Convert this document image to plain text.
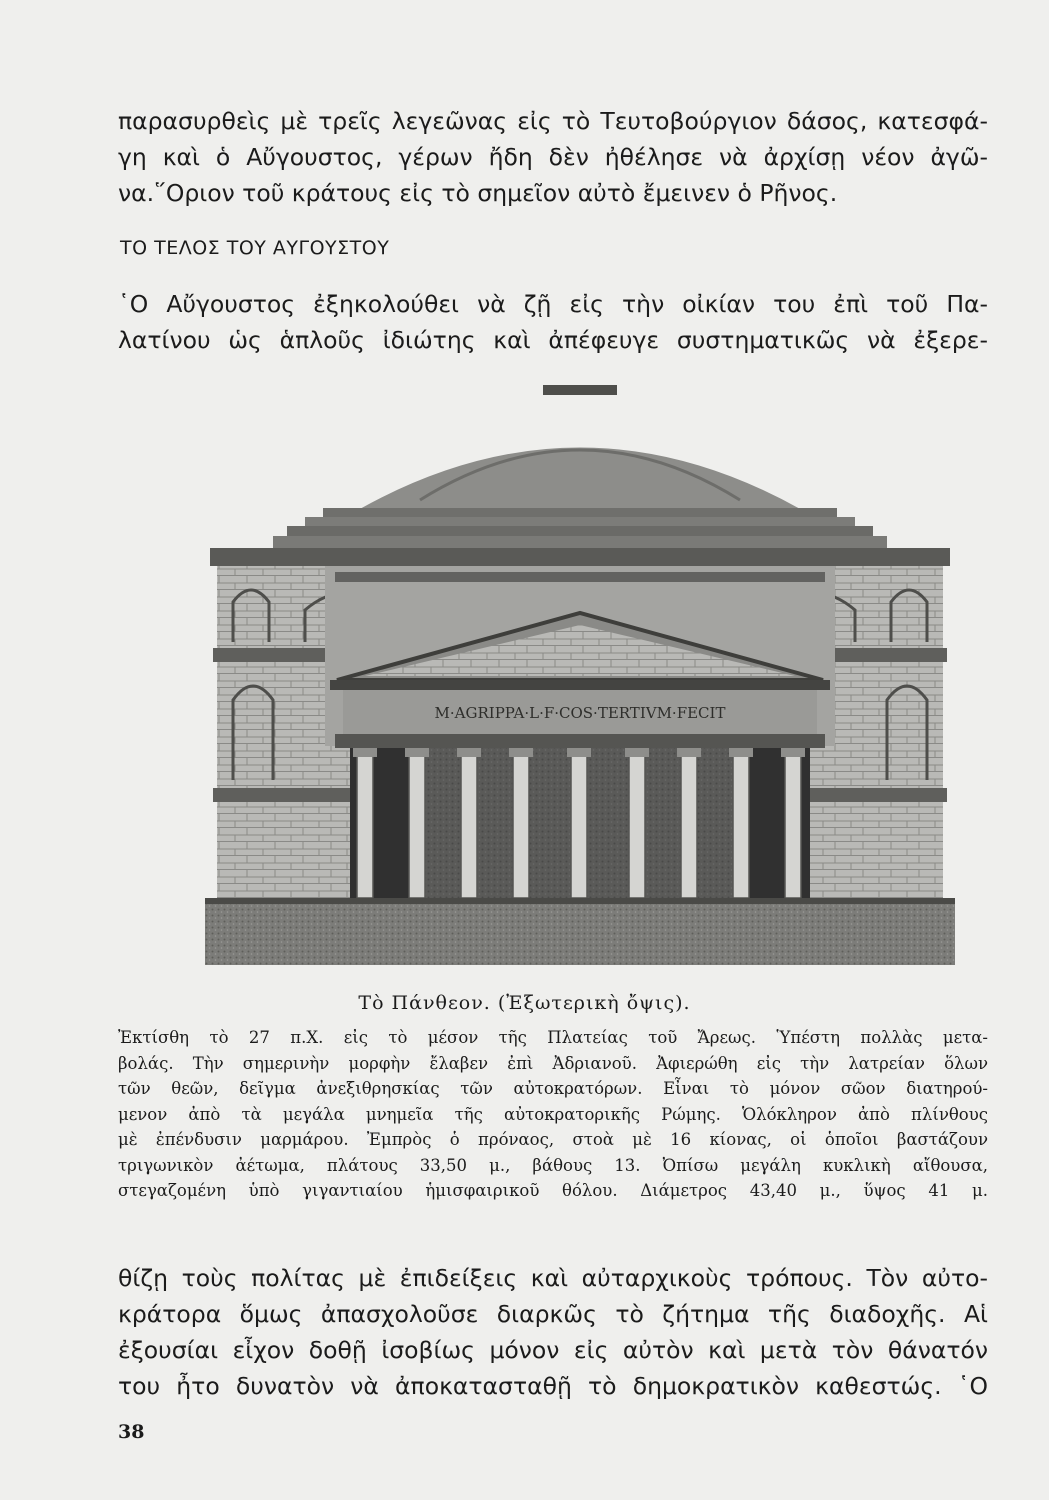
παρασυρθεὶς μὲ τρεῖς λεγεῶνας εἰς τὸ Τευτοβούργιον δάσος, κατεσφά-
γη καὶ ὁ Αὔγουστος, γέρων ἤδη δὲν ἠθέλησε νὰ ἀρχίσῃ νέον ἀγῶ-
να.῞Οριον τοῦ κράτους εἰς τὸ σημεῖον αὐτὸ ἔμεινεν ὁ Ρῆνος.
ΤΟ ΤΕΛΟΣ ΤΟΥ ΑΥΓΟΥΣΤΟΥ
῾Ο Αὔγουστος ἐξηκολούθει νὰ ζῇ εἰς τὴν οἰκίαν του ἐπὶ τοῦ Πα-
λατίνου ὡς ἁπλοῦς ἰδιώτης καὶ ἀπέφευγε συστηματικῶς νὰ ἐξερε-
M·AGRIPPA·L·F·COS·TERTIVM·FECIT
Τὸ Πάνθεον. (Ἐξωτερικὴ ὄψις).
Ἐκτίσθη τὸ 27 π.Χ. εἰς τὸ μέσον τῆς Πλατείας τοῦ Ἄρεως. Ὑπέστη πολλὰς μετα-
βολάς. Τὴν σημερινὴν μορφὴν ἔλαβεν ἐπὶ Ἀδριανοῦ. Ἀφιερώθη εἰς τὴν λατρείαν ὅλων
τῶν θεῶν, δεῖγμα ἀνεξιθρησκίας τῶν αὐτοκρατόρων. Εἶναι τὸ μόνον σῶον διατηρού-
μενον ἀπὸ τὰ μεγάλα μνημεῖα τῆς αὐτοκρατορικῆς Ρώμης. Ὁλόκληρον ἀπὸ πλίνθους
μὲ ἐπένδυσιν μαρμάρου. Ἐμπρὸς ὁ πρόναος, στοὰ μὲ 16 κίονας, οἱ ὁποῖοι βαστάζουν
τριγωνικὸν ἀέτωμα, πλάτους 33,50 μ., βάθους 13. Ὀπίσω μεγάλη κυκλικὴ αἴθουσα,
στεγαζομένη ὑπὸ γιγαντιαίου ἡμισφαιρικοῦ θόλου. Διάμετρος 43,40 μ., ὕψος 41 μ.
θίζῃ τοὺς πολίτας μὲ ἐπιδείξεις καὶ αὐταρχικοὺς τρόπους. Τὸν αὐτο-
κράτορα ὅμως ἀπασχολοῦσε διαρκῶς τὸ ζήτημα τῆς διαδοχῆς. Αἱ
ἐξουσίαι εἶχον δοθῇ ἰσοβίως μόνον εἰς αὐτὸν καὶ μετὰ τὸν θάνατόν
του ἦτο δυνατὸν νὰ ἀποκατασταθῇ τὸ δημοκρατικὸν καθεστώς. ῾Ο
38
